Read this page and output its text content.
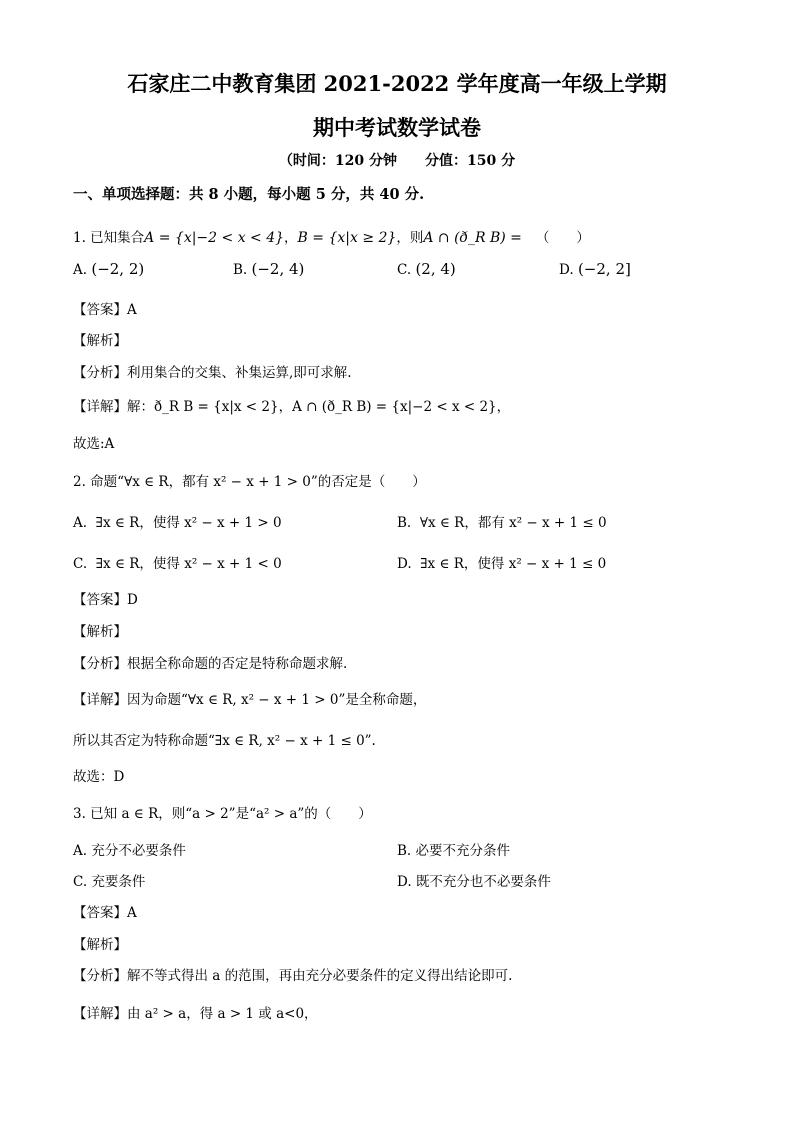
石家庄二中教育集团 2021-2022 学年度高一年级上学期
期中考试数学试卷
（时间：120 分钟　　分值：150 分
一、单项选择题：共 8 小题，每小题 5 分，共 40 分.
1. 已知集合A = {x|−2 < x < 4}，B = {x|x ≥ 2}，则A ∩ (ð_R B) = （　　）
A. (−2, 2)	B. (−2, 4)	C. (2, 4)	D. (−2, 2]
【答案】A
【解析】
【分析】利用集合的交集、补集运算,即可求解.
【详解】解：ð_R B = {x|x < 2}，A ∩ (ð_R B) = {x|−2 < x < 2}，
故选:A
2. 命题“∀x ∈ R，都有 x² − x + 1 > 0”的否定是（　　）
A. ∃x ∈ R，使得 x² − x + 1 > 0	B. ∀x ∈ R，都有 x² − x + 1 ≤ 0
C. ∃x ∈ R，使得 x² − x + 1 < 0	D. ∃x ∈ R，使得 x² − x + 1 ≤ 0
【答案】D
【解析】
【分析】根据全称命题的否定是特称命题求解.
【详解】因为命题“∀x ∈ R, x² − x + 1 > 0”是全称命题，
所以其否定为特称命题“∃x ∈ R, x² − x + 1 ≤ 0”.
故选：D
3. 已知 a ∈ R，则“a > 2”是“a² > a”的（　　）
A. 充分不必要条件	B. 必要不充分条件
C. 充要条件	D. 既不充分也不必要条件
【答案】A
【解析】
【分析】解不等式得出 a 的范围，再由充分必要条件的定义得出结论即可.
【详解】由 a² > a，得 a > 1 或 a<0，
